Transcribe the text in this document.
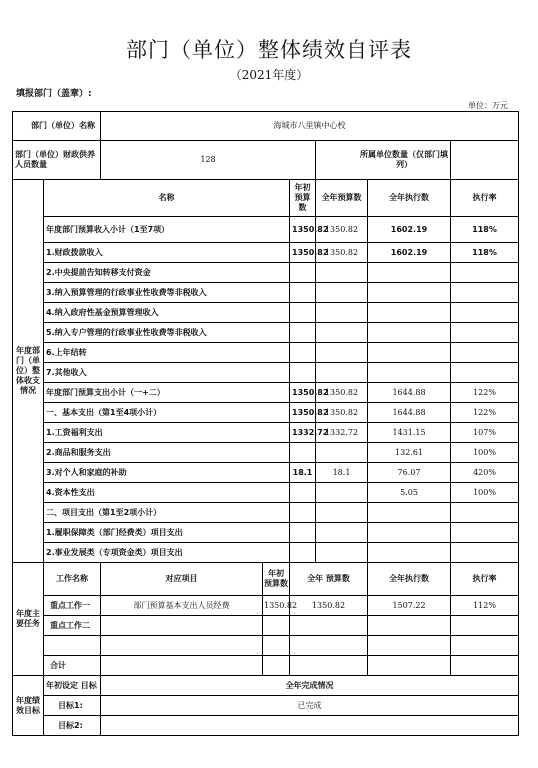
部门（单位）整体绩效自评表
（2021年度）
填报部门（盖章）:
单位：万元
部门（单位）名称		海城市八里镇中心校					
部门（单位）财政供养人员数量		128			所属单位数量（仅部门填列）		
年度部门（单位）整体收支情况	名称			年初 预算数	全年预算数	全年执行数	执行率
	年度部门预算收入小计（1至7项）			1350.82	1350.82	1602.19	118%
	1.财政拨款收入			1350.82	1350.82	1602.19	118%
	2.中央提前告知转移支付资金						
	3.纳入预算管理的行政事业性收费等非税收入						
	4.纳入政府性基金预算管理收入						
	5.纳入专户管理的行政事业性收费等非税收入						
	6.上年结转						
	7.其他收入						
	年度部门预算支出小计（一+二）			1350.82	1350.82	1644.88	122%
	一、基本支出（第1至4项小计）			1350.82	1350.82	1644.88	122%
	1.工资福利支出			1332.72	1332.72	1431.15	107%
	2.商品和服务支出					132.61	100%
	3.对个人和家庭的补助			18.1	18.1	76.07	420%
	4.资本性支出					5.05	100%
	二、项目支出（第1至2项小计）						
	1.履职保障类（部门经费类）项目支出						
	2.事业发展类（专项资金类）项目支出						
年度主要任务	工作名称	对应项目	年初 预算数	全年 预算数		全年执行数	执行率
	重点工作一	部门预算基本支出人员经费	1350.82	1350.82		1507.22	112%
	重点工作二						

	合计						
年度绩效目标	年初设定 目标	全年完成情况					
	目标1:	已完成					
	目标2:						
